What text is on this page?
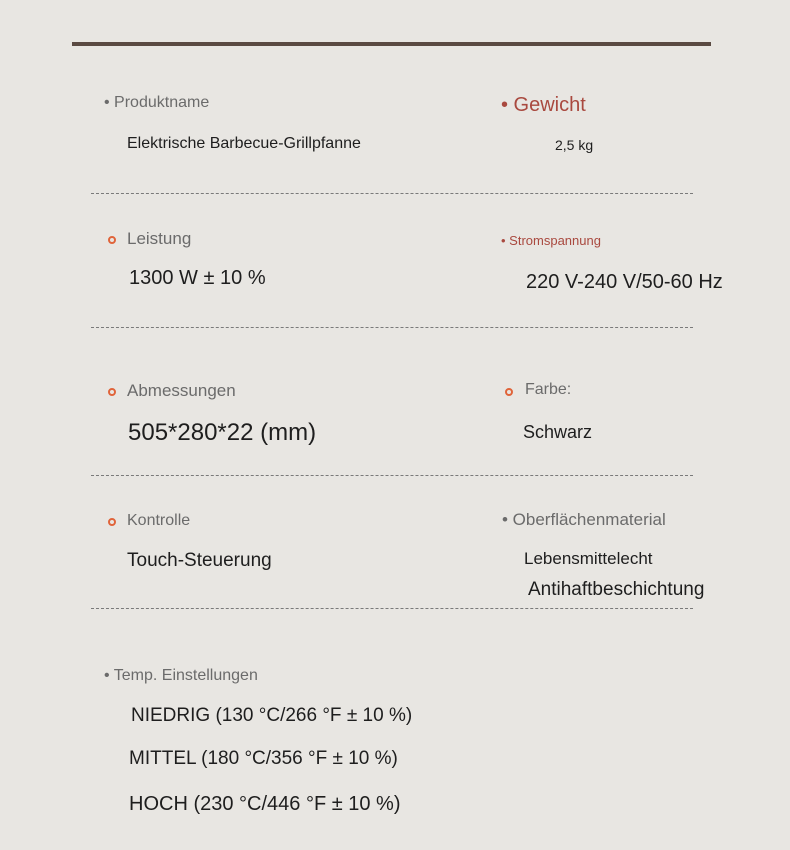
• Produktname
Elektrische Barbecue-Grillpfanne
• Gewicht
2,5 kg
Leistung
1300 W ± 10 %
• Stromspannung
220 V-240 V/50-60 Hz
Abmessungen
505*280*22 (mm)
Farbe:
Schwarz
Kontrolle
Touch-Steuerung
• Oberflächenmaterial
Lebensmittelecht
Antihaftbeschichtung
• Temp. Einstellungen
NIEDRIG (130 °C/266 °F ± 10 %)
MITTEL (180 °C/356 °F ± 10 %)
HOCH (230 °C/446 °F ± 10 %)
